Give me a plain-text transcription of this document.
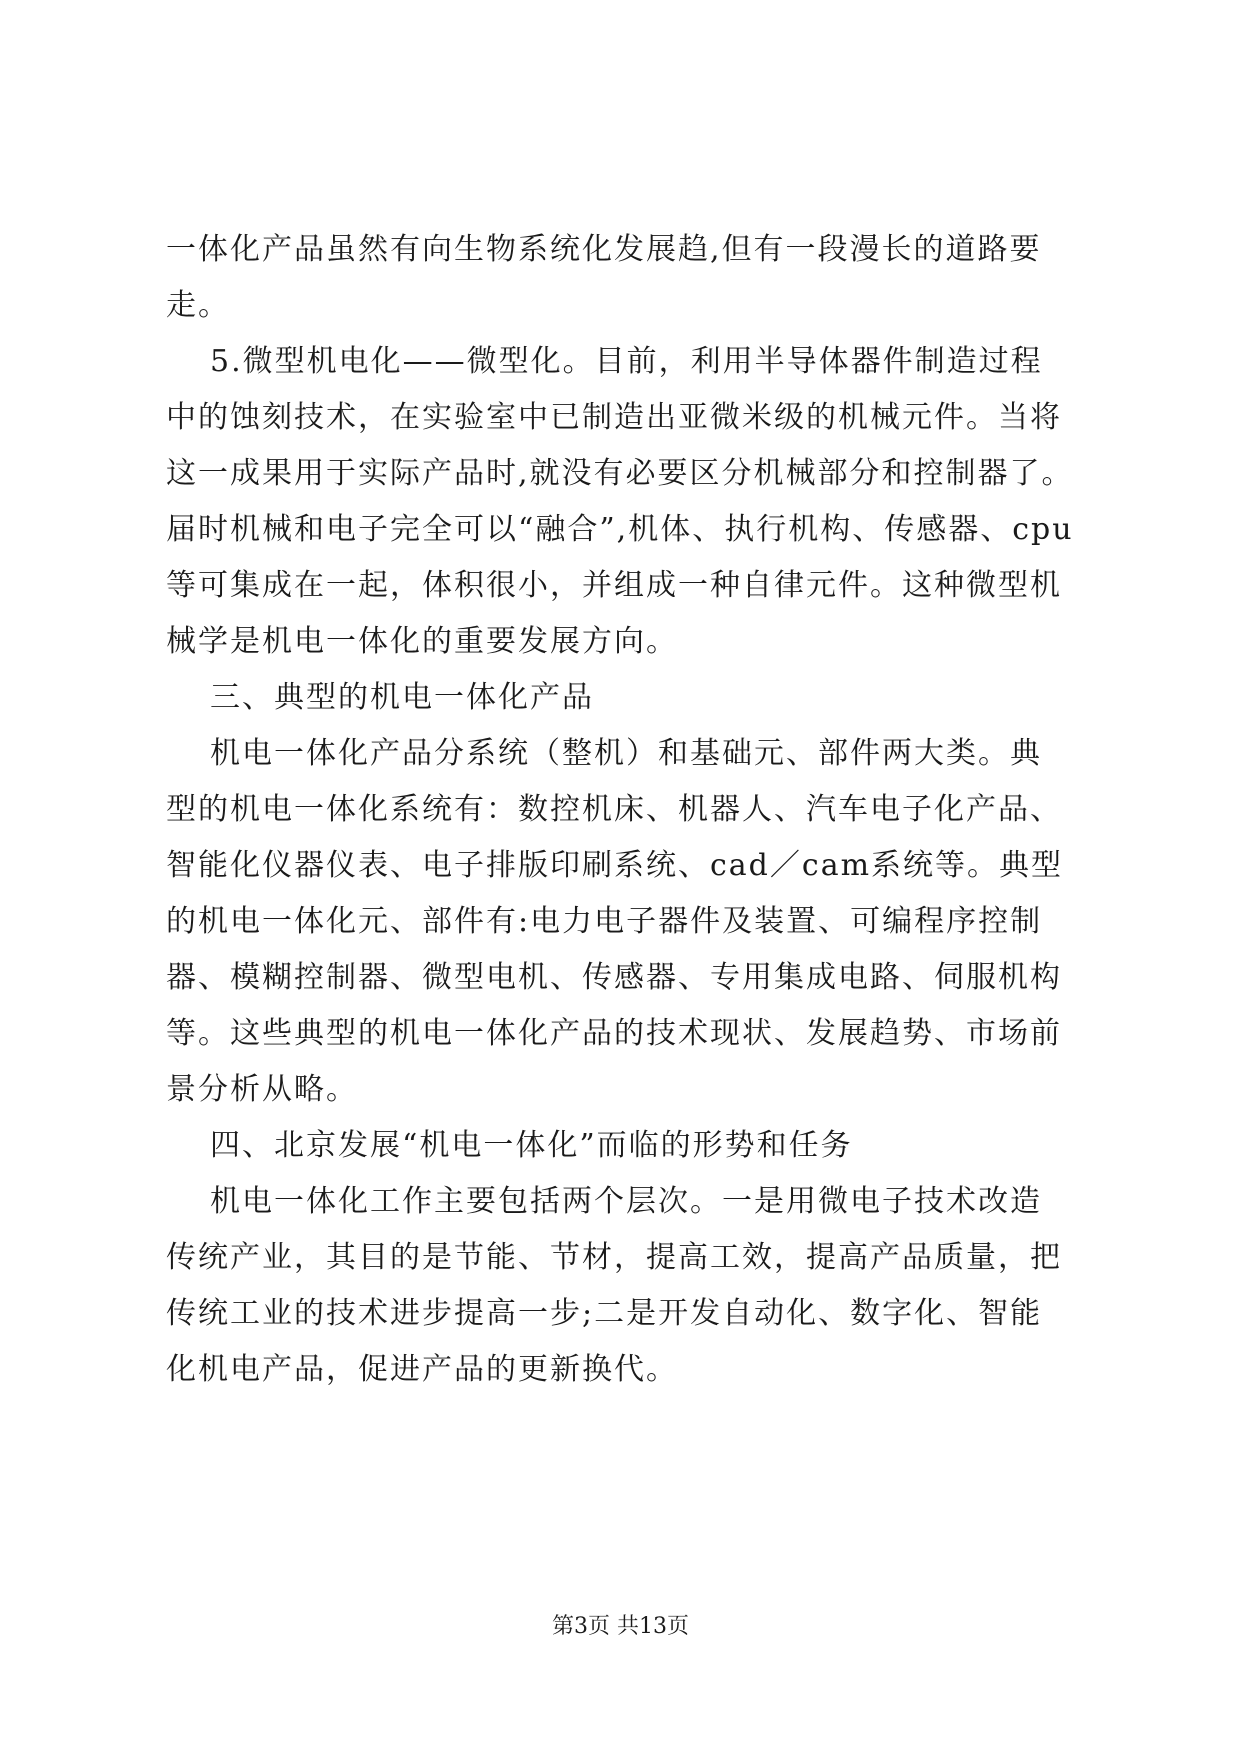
一体化产品虽然有向生物系统化发展趋,但有一段漫长的道路要
走。
5.微型机电化——微型化。目前，利用半导体器件制造过程
中的蚀刻技术，在实验室中已制造出亚微米级的机械元件。当将
这一成果用于实际产品时,就没有必要区分机械部分和控制器了。
届时机械和电子完全可以“融合”,机体、执行机构、传感器、cpu
等可集成在一起，体积很小，并组成一种自律元件。这种微型机
械学是机电一体化的重要发展方向。
三、典型的机电一体化产品
机电一体化产品分系统（整机）和基础元、部件两大类。典
型的机电一体化系统有：数控机床、机器人、汽车电子化产品、
智能化仪器仪表、电子排版印刷系统、cad／cam系统等。典型
的机电一体化元、部件有:电力电子器件及装置、可编程序控制
器、模糊控制器、微型电机、传感器、专用集成电路、伺服机构
等。这些典型的机电一体化产品的技术现状、发展趋势、市场前
景分析从略。
四、北京发展“机电一体化”而临的形势和任务
机电一体化工作主要包括两个层次。一是用微电子技术改造
传统产业，其目的是节能、节材，提高工效，提高产品质量，把
传统工业的技术进步提高一步;二是开发自动化、数字化、智能
化机电产品，促进产品的更新换代。
第3页 共13页
